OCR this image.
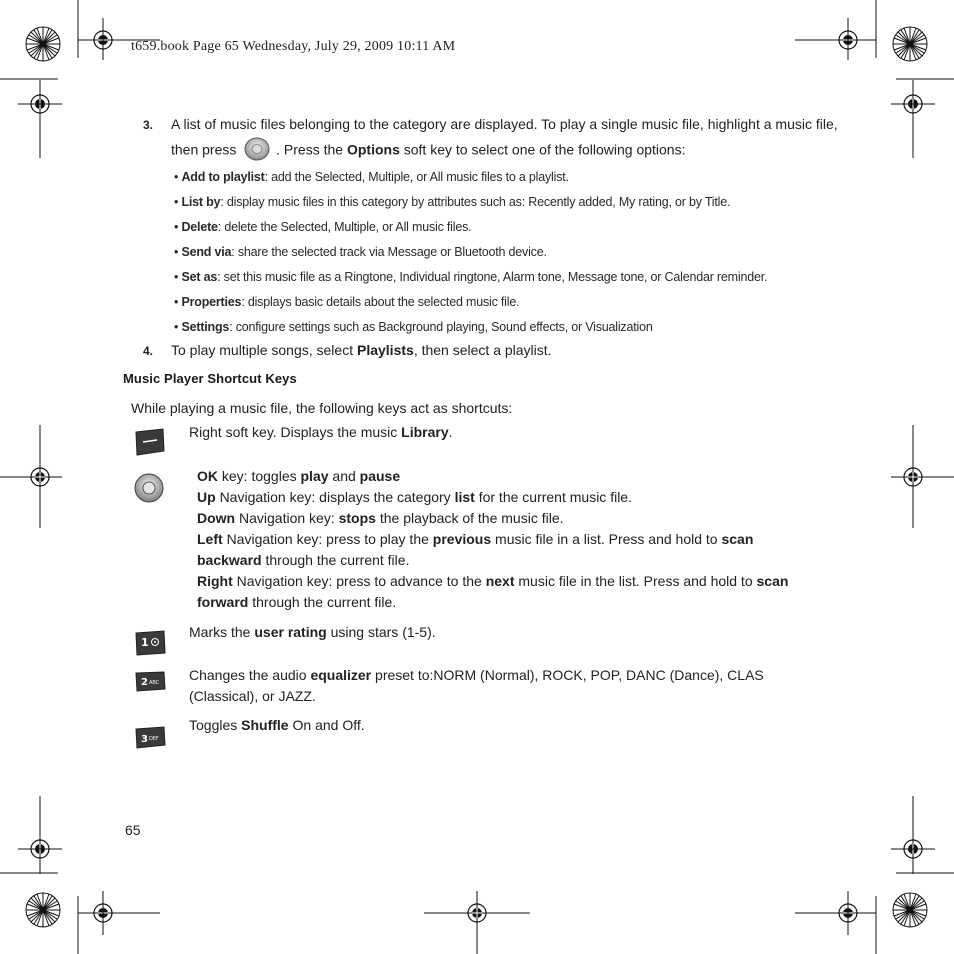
t659.book Page 65 Wednesday, July 29, 2009 10:11 AM
3. A list of music files belonging to the category are displayed. To play a single music file, highlight a music file,
then press	. Press the Options soft key to select one of the following options:
• Add to playlist: add the Selected, Multiple, or All music files to a playlist.
• List by: display music files in this category by attributes such as: Recently added, My rating, or by Title.
• Delete: delete the Selected, Multiple, or All music files.
• Send via: share the selected track via Message or Bluetooth device.
• Set as: set this music file as a Ringtone, Individual ringtone, Alarm tone, Message tone, or Calendar reminder.
• Properties: displays basic details about the selected music file.
• Settings: configure settings such as Background playing, Sound effects, or Visualization
4. To play multiple songs, select Playlists, then select a playlist.
Music Player Shortcut Keys
While playing a music file, the following keys act as shortcuts:
Right soft key. Displays the music Library.
OK key: toggles play and pause
Up Navigation key: displays the category list for the current music file.
Down Navigation key: stops the playback of the music file.
Left Navigation key: press to play the previous music file in a list. Press and hold to scan
backward through the current file.
Right Navigation key: press to advance to the next music file in the list. Press and hold to scan
forward through the current file.
1
Marks the user rating using stars (1-5).
2 ABC Changes the audio equalizer preset to:NORM (Normal), ROCK, POP, DANC (Dance), CLAS
(Classical), or JAZZ.
3 DEF
Toggles Shuffle On and Off.
65
